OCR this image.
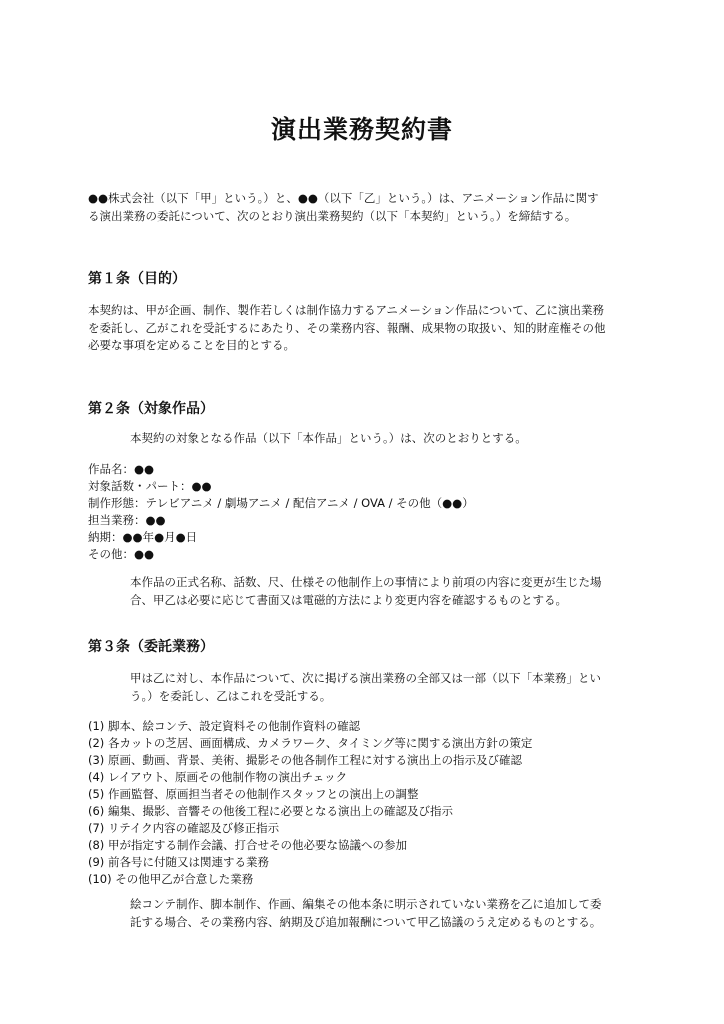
演出業務契約書
●●株式会社（以下「甲」という。）と、●●（以下「乙」という。）は、アニメーション作品に関す
る演出業務の委託について、次のとおり演出業務契約（以下「本契約」という。）を締結する。
第１条（目的）
本契約は、甲が企画、制作、製作若しくは制作協力するアニメーション作品について、乙に演出業務
を委託し、乙がこれを受託するにあたり、その業務内容、報酬、成果物の取扱い、知的財産権その他
必要な事項を定めることを目的とする。
第２条（対象作品）
本契約の対象となる作品（以下「本作品」という。）は、次のとおりとする。
作品名：●●
対象話数・パート：●●
制作形態：テレビアニメ / 劇場アニメ / 配信アニメ / OVA / その他（●●）
担当業務：●●
納期：●●年●月●日
その他：●●
本作品の正式名称、話数、尺、仕様その他制作上の事情により前項の内容に変更が生じた場
合、甲乙は必要に応じて書面又は電磁的方法により変更内容を確認するものとする。
第３条（委託業務）
甲は乙に対し、本作品について、次に掲げる演出業務の全部又は一部（以下「本業務」とい
う。）を委託し、乙はこれを受託する。
(1) 脚本、絵コンテ、設定資料その他制作資料の確認
(2) 各カットの芝居、画面構成、カメラワーク、タイミング等に関する演出方針の策定
(3) 原画、動画、背景、美術、撮影その他各制作工程に対する演出上の指示及び確認
(4) レイアウト、原画その他制作物の演出チェック
(5) 作画監督、原画担当者その他制作スタッフとの演出上の調整
(6) 編集、撮影、音響その他後工程に必要となる演出上の確認及び指示
(7) リテイク内容の確認及び修正指示
(8) 甲が指定する制作会議、打合せその他必要な協議への参加
(9) 前各号に付随又は関連する業務
(10) その他甲乙が合意した業務
絵コンテ制作、脚本制作、作画、編集その他本条に明示されていない業務を乙に追加して委
託する場合、その業務内容、納期及び追加報酬について甲乙協議のうえ定めるものとする。
